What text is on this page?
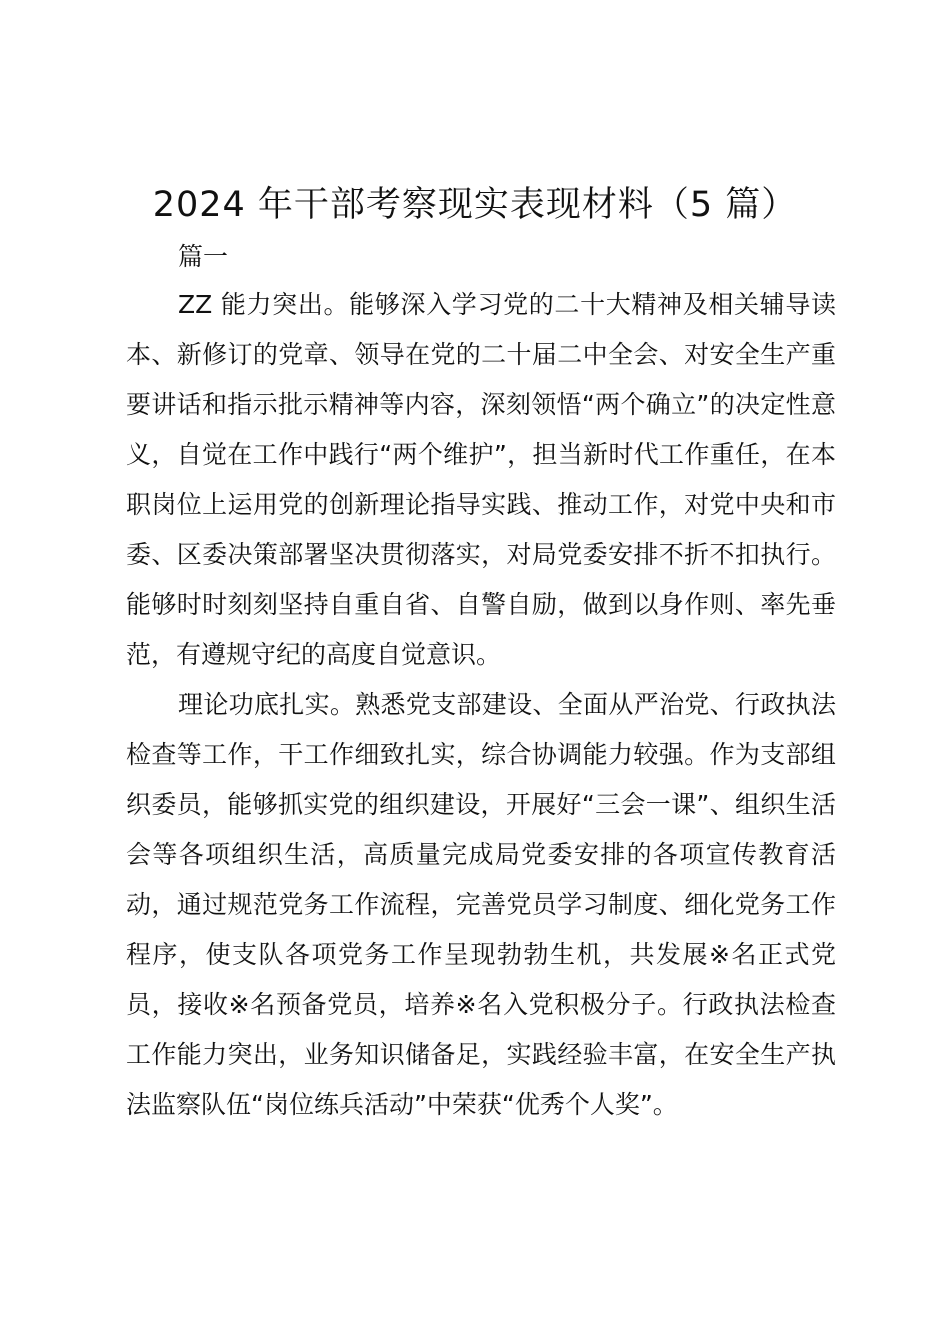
2024 年干部考察现实表现材料（5 篇）
篇一

ZZ 能力突出。能够深入学习党的二十大精神及相关辅导读本、新修订的党章、领导在党的二十届二中全会、对安全生产重要讲话和指示批示精神等内容，深刻领悟“两个确立”的决定性意义，自觉在工作中践行“两个维护”，担当新时代工作重任，在本职岗位上运用党的创新理论指导实践、推动工作，对党中央和市委、区委决策部署坚决贯彻落实，对局党委安排不折不扣执行。能够时时刻刻坚持自重自省、自警自励，做到以身作则、率先垂范，有遵规守纪的高度自觉意识。

理论功底扎实。熟悉党支部建设、全面从严治党、行政执法检查等工作，干工作细致扎实，综合协调能力较强。作为支部组织委员，能够抓实党的组织建设，开展好“三会一课”、组织生活会等各项组织生活，高质量完成局党委安排的各项宣传教育活动，通过规范党务工作流程，完善党员学习制度、细化党务工作程序，使支队各项党务工作呈现勃勃生机，共发展※名正式党员，接收※名预备党员，培养※名入党积极分子。行政执法检查工作能力突出，业务知识储备足，实践经验丰富，在安全生产执法监察队伍“岗位练兵活动”中荣获“优秀个人奖”。
